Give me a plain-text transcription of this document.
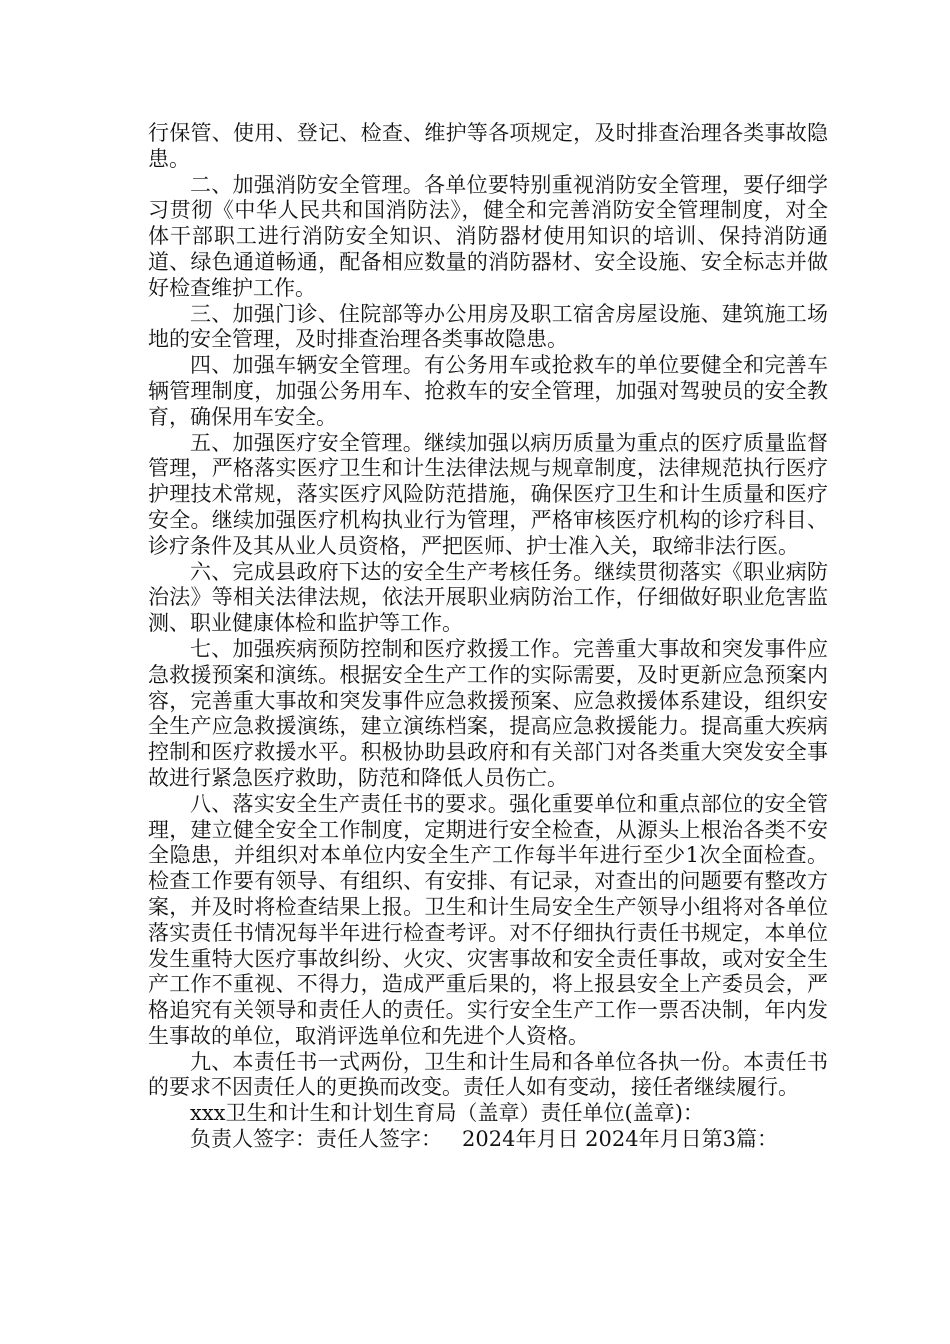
行保管、使用、登记、检查、维护等各项规定，及时排查治理各类事故隐患。

二、加强消防安全管理。各单位要特别重视消防安全管理，要仔细学习贯彻《中华人民共和国消防法》，健全和完善消防安全管理制度，对全体干部职工进行消防安全知识、消防器材使用知识的培训、保持消防通道、绿色通道畅通，配备相应数量的消防器材、安全设施、安全标志并做好检查维护工作。

三、加强门诊、住院部等办公用房及职工宿舍房屋设施、建筑施工场地的安全管理，及时排查治理各类事故隐患。

四、加强车辆安全管理。有公务用车或抢救车的单位要健全和完善车辆管理制度，加强公务用车、抢救车的安全管理，加强对驾驶员的安全教育，确保用车安全。

五、加强医疗安全管理。继续加强以病历质量为重点的医疗质量监督管理，严格落实医疗卫生和计生法律法规与规章制度，法律规范执行医疗护理技术常规，落实医疗风险防范措施，确保医疗卫生和计生质量和医疗安全。继续加强医疗机构执业行为管理，严格审核医疗机构的诊疗科目、诊疗条件及其从业人员资格，严把医师、护士准入关，取缔非法行医。

六、完成县政府下达的安全生产考核任务。继续贯彻落实《职业病防治法》等相关法律法规，依法开展职业病防治工作，仔细做好职业危害监测、职业健康体检和监护等工作。

七、加强疾病预防控制和医疗救援工作。完善重大事故和突发事件应急救援预案和演练。根据安全生产工作的实际需要，及时更新应急预案内容，完善重大事故和突发事件应急救援预案、应急救援体系建设，组织安全生产应急救援演练，建立演练档案，提高应急救援能力。提高重大疾病控制和医疗救援水平。积极协助县政府和有关部门对各类重大突发安全事故进行紧急医疗救助，防范和降低人员伤亡。

八、落实安全生产责任书的要求。强化重要单位和重点部位的安全管理，建立健全安全工作制度，定期进行安全检查，从源头上根治各类不安全隐患，并组织对本单位内安全生产工作每半年进行至少1次全面检查。检查工作要有领导、有组织、有安排、有记录，对查出的问题要有整改方案，并及时将检查结果上报。卫生和计生局安全生产领导小组将对各单位落实责任书情况每半年进行检查考评。对不仔细执行责任书规定，本单位发生重特大医疗事故纠纷、火灾、灾害事故和安全责任事故，或对安全生产工作不重视、不得力，造成严重后果的，将上报县安全上产委员会，严格追究有关领导和责任人的责任。实行安全生产工作一票否决制，年内发生事故的单位，取消评选单位和先进个人资格。

九、本责任书一式两份，卫生和计生局和各单位各执一份。本责任书的要求不因责任人的更换而改变。责任人如有变动，接任者继续履行。

xxx卫生和计生和计划生育局（盖章）责任单位(盖章)：

负责人签字：责任人签字：   2024年月日 2024年月日第3篇：
